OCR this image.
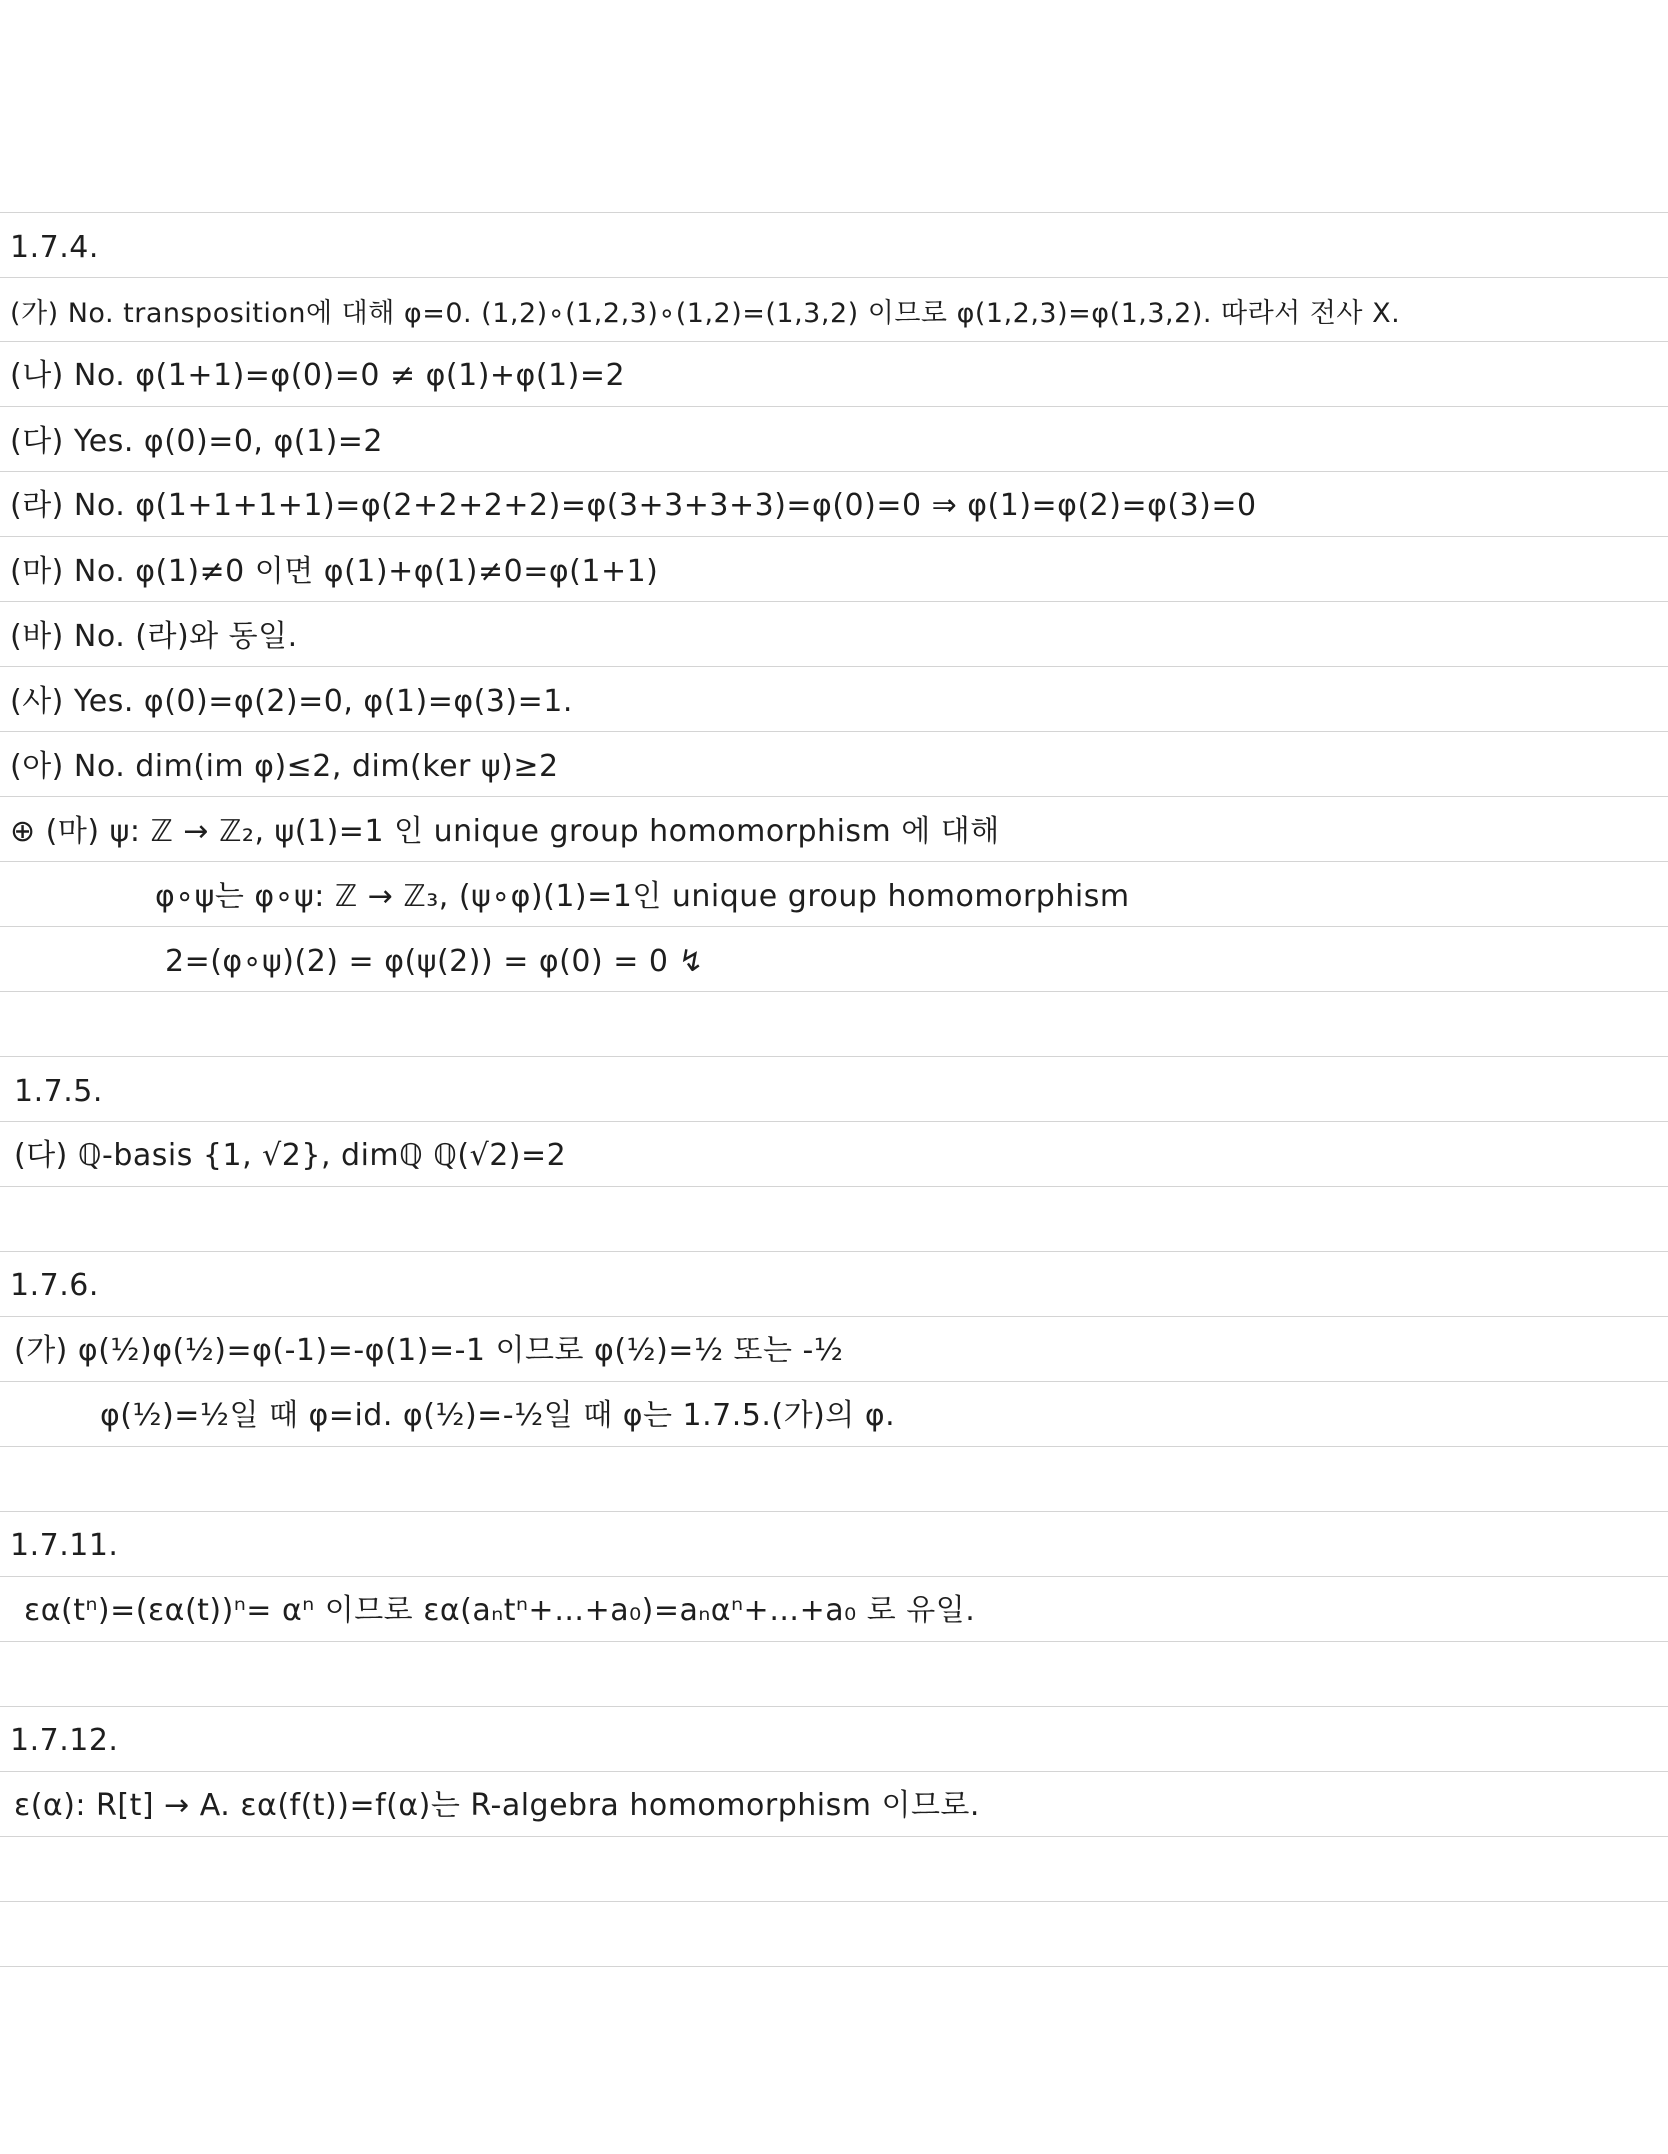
1.7.4.
(가) No. transposition에 대해 φ=0. (1,2)∘(1,2,3)∘(1,2)=(1,3,2) 이므로 φ(1,2,3)=φ(1,3,2). 따라서 전사 X.
(나) No. φ(1+1)=φ(0)=0 ≠ φ(1)+φ(1)=2
(다) Yes. φ(0)=0, φ(1)=2
(라) No. φ(1+1+1+1)=φ(2+2+2+2)=φ(3+3+3+3)=φ(0)=0 ⇒ φ(1)=φ(2)=φ(3)=0
(마) No. φ(1)≠0 이면 φ(1)+φ(1)≠0=φ(1+1)
(바) No. (라)와 동일.
(사) Yes. φ(0)=φ(2)=0, φ(1)=φ(3)=1.
(아) No. dim(im φ)≤2, dim(ker ψ)≥2
⊕ (마) ψ: ℤ → ℤ₂, ψ(1)=1 인 unique group homomorphism 에 대해
φ∘ψ는 φ∘ψ: ℤ → ℤ₃, (ψ∘φ)(1)=1인 unique group homomorphism
2=(φ∘ψ)(2) = φ(ψ(2)) = φ(0) = 0 ↯
1.7.5.
(다) ℚ-basis {1, √2}, dimℚ ℚ(√2)=2
1.7.6.
(가) φ(½)φ(½)=φ(-1)=-φ(1)=-1 이므로 φ(½)=½ 또는 -½
φ(½)=½일 때 φ=id. φ(½)=-½일 때 φ는 1.7.5.(가)의 φ.
1.7.11.
εα(tⁿ)=(εα(t))ⁿ= αⁿ 이므로 εα(aₙtⁿ+…+a₀)=aₙαⁿ+…+a₀ 로 유일.
1.7.12.
ε(α): R[t] → A. εα(f(t))=f(α)는 R-algebra homomorphism 이므로.
